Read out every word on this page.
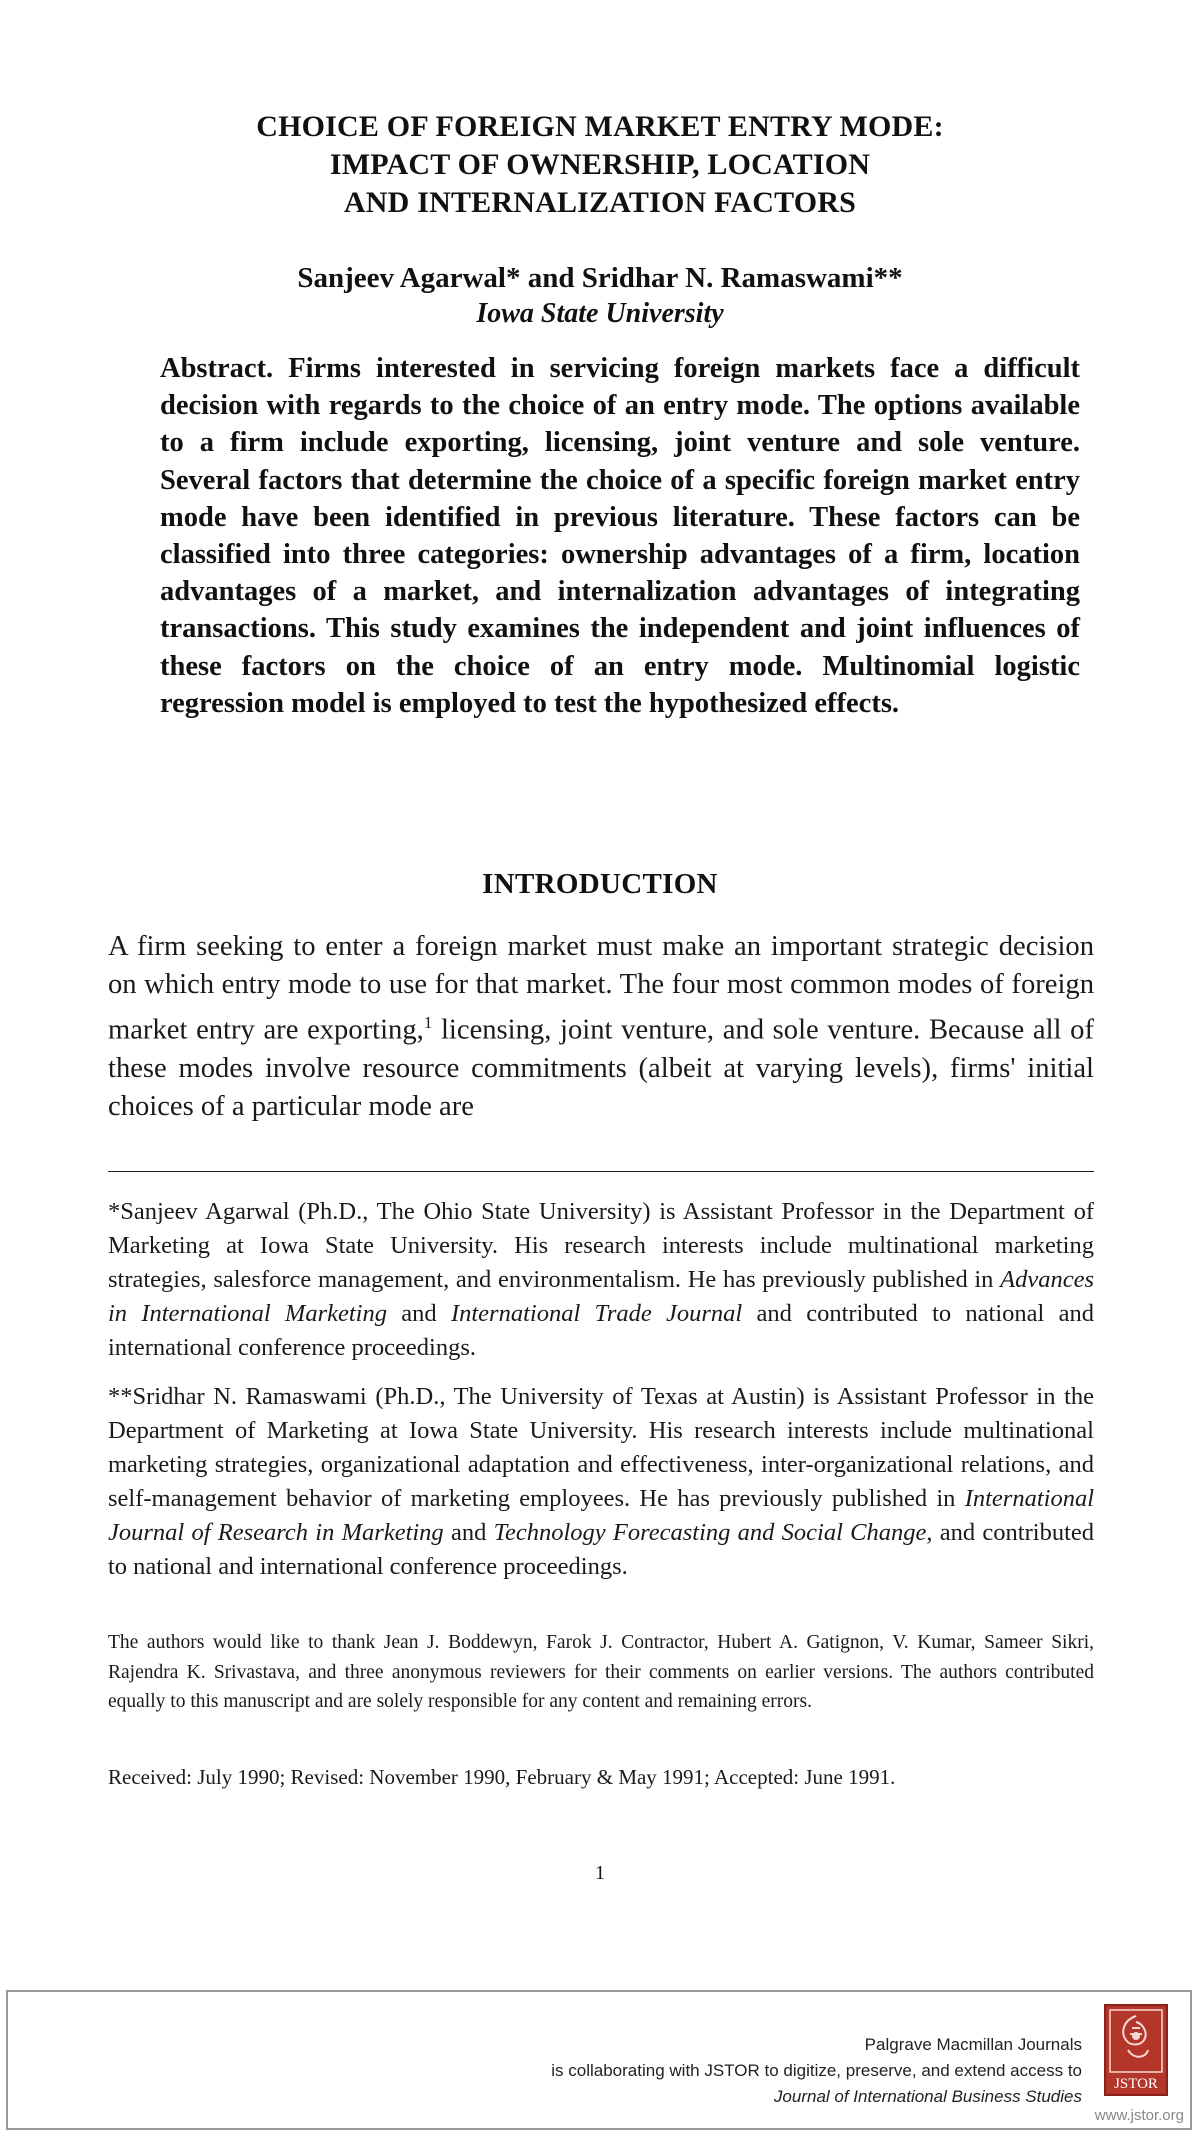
CHOICE OF FOREIGN MARKET ENTRY MODE:
IMPACT OF OWNERSHIP, LOCATION
AND INTERNALIZATION FACTORS
Sanjeev Agarwal* and Sridhar N. Ramaswami**
Iowa State University

Abstract. Firms interested in servicing foreign markets face a difficult decision with regards to the choice of an entry mode. The options available to a firm include exporting, licensing, joint venture and sole venture. Several factors that determine the choice of a specific foreign market entry mode have been identified in previous literature. These factors can be classified into three categories: ownership advantages of a firm, location advantages of a market, and internalization advantages of integrating transactions. This study examines the independent and joint influences of these factors on the choice of an entry mode. Multinomial logistic regression model is employed to test the hypothesized effects.

INTRODUCTION

A firm seeking to enter a foreign market must make an important strategic decision on which entry mode to use for that market. The four most common modes of foreign market entry are exporting,$^1$ licensing, joint venture, and sole venture. Because all of these modes involve resource commitments (albeit at varying levels), firms' initial choices of a particular mode are

*Sanjeev Agarwal (Ph.D., The Ohio State University) is Assistant Professor in the Department of Marketing at Iowa State University. His research interests include multinational marketing strategies, salesforce management, and environmentalism. He has previously published in Advances in International Marketing and International Trade Journal and contributed to national and international conference proceedings.

**Sridhar N. Ramaswami (Ph.D., The University of Texas at Austin) is Assistant Professor in the Department of Marketing at Iowa State University. His research interests include multinational marketing strategies, organizational adaptation and effectiveness, inter-organizational relations, and self-management behavior of marketing employees. He has previously published in International Journal of Research in Marketing and Technology Forecasting and Social Change, and contributed to national and international conference proceedings.

The authors would like to thank Jean J. Boddewyn, Farok J. Contractor, Hubert A. Gatignon, V. Kumar, Sameer Sikri, Rajendra K. Srivastava, and three anonymous reviewers for their comments on earlier versions. The authors contributed equally to this manuscript and are solely responsible for any content and remaining errors.

Received: July 1990; Revised: November 1990, February & May 1991; Accepted: June 1991.

1
Palgrave Macmillan Journals
is collaborating with JSTOR to digitize, preserve, and extend access to
Journal of International Business Studies
JSTOR
www.jstor.org
